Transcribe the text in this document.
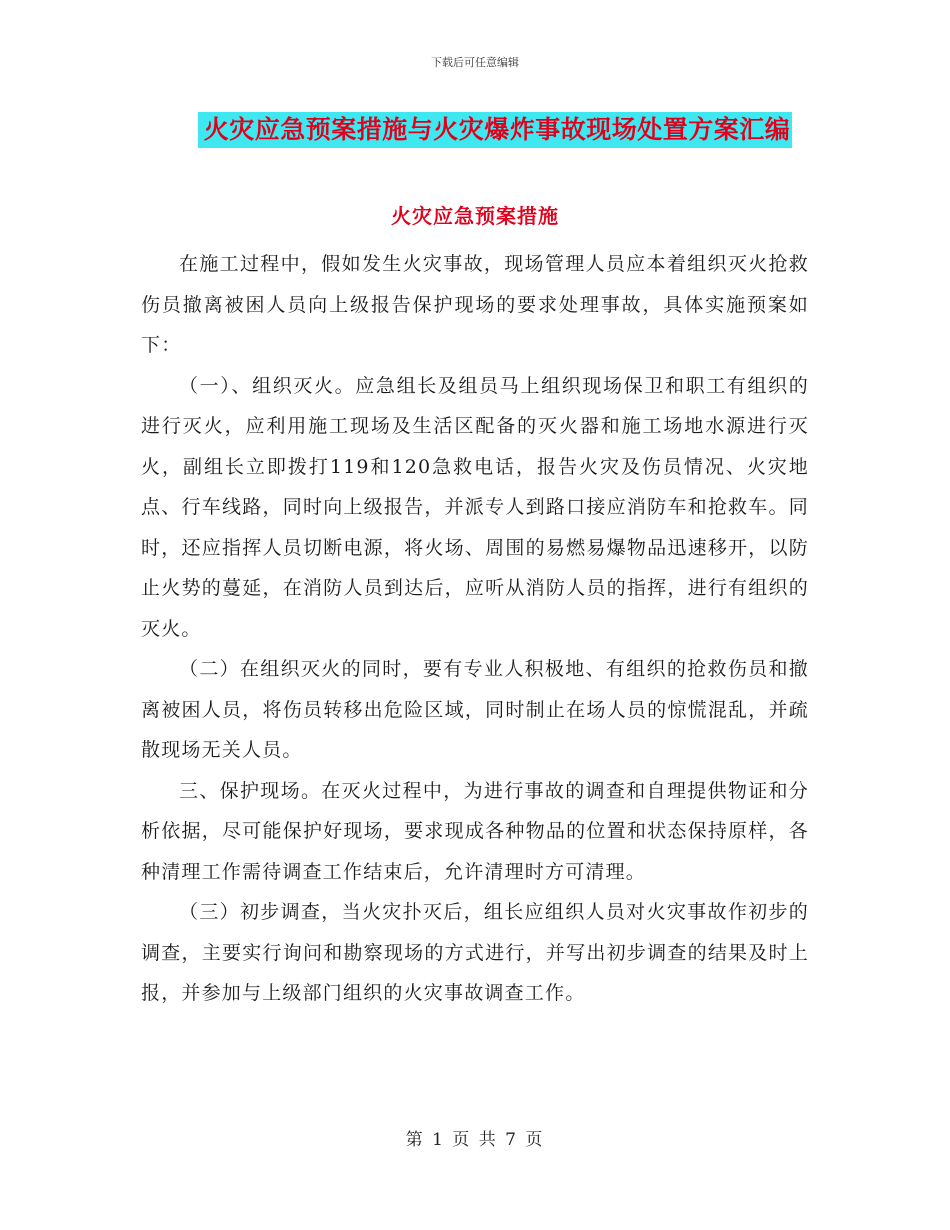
下载后可任意编辑
火灾应急预案措施与火灾爆炸事故现场处置方案汇编
火灾应急预案措施

在施工过程中，假如发生火灾事故，现场管理人员应本着组织灭火抢救伤员撤离被困人员向上级报告保护现场的要求处理事故，具体实施预案如下：

（一）、组织灭火。应急组长及组员马上组织现场保卫和职工有组织的进行灭火，应利用施工现场及生活区配备的灭火器和施工场地水源进行灭火，副组长立即拨打119和120急救电话，报告火灾及伤员情况、火灾地点、行车线路，同时向上级报告，并派专人到路口接应消防车和抢救车。同时，还应指挥人员切断电源，将火场、周围的易燃易爆物品迅速移开，以防止火势的蔓延，在消防人员到达后，应听从消防人员的指挥，进行有组织的灭火。

（二）在组织灭火的同时，要有专业人积极地、有组织的抢救伤员和撤离被困人员，将伤员转移出危险区域，同时制止在场人员的惊慌混乱，并疏散现场无关人员。

三、保护现场。在灭火过程中，为进行事故的调查和自理提供物证和分析依据，尽可能保护好现场，要求现成各种物品的位置和状态保持原样，各种清理工作需待调查工作结束后，允许清理时方可清理。

（三）初步调查，当火灾扑灭后，组长应组织人员对火灾事故作初步的调查，主要实行询问和勘察现场的方式进行，并写出初步调查的结果及时上报，并参加与上级部门组织的火灾事故调查工作。

第 1 页 共 7 页
